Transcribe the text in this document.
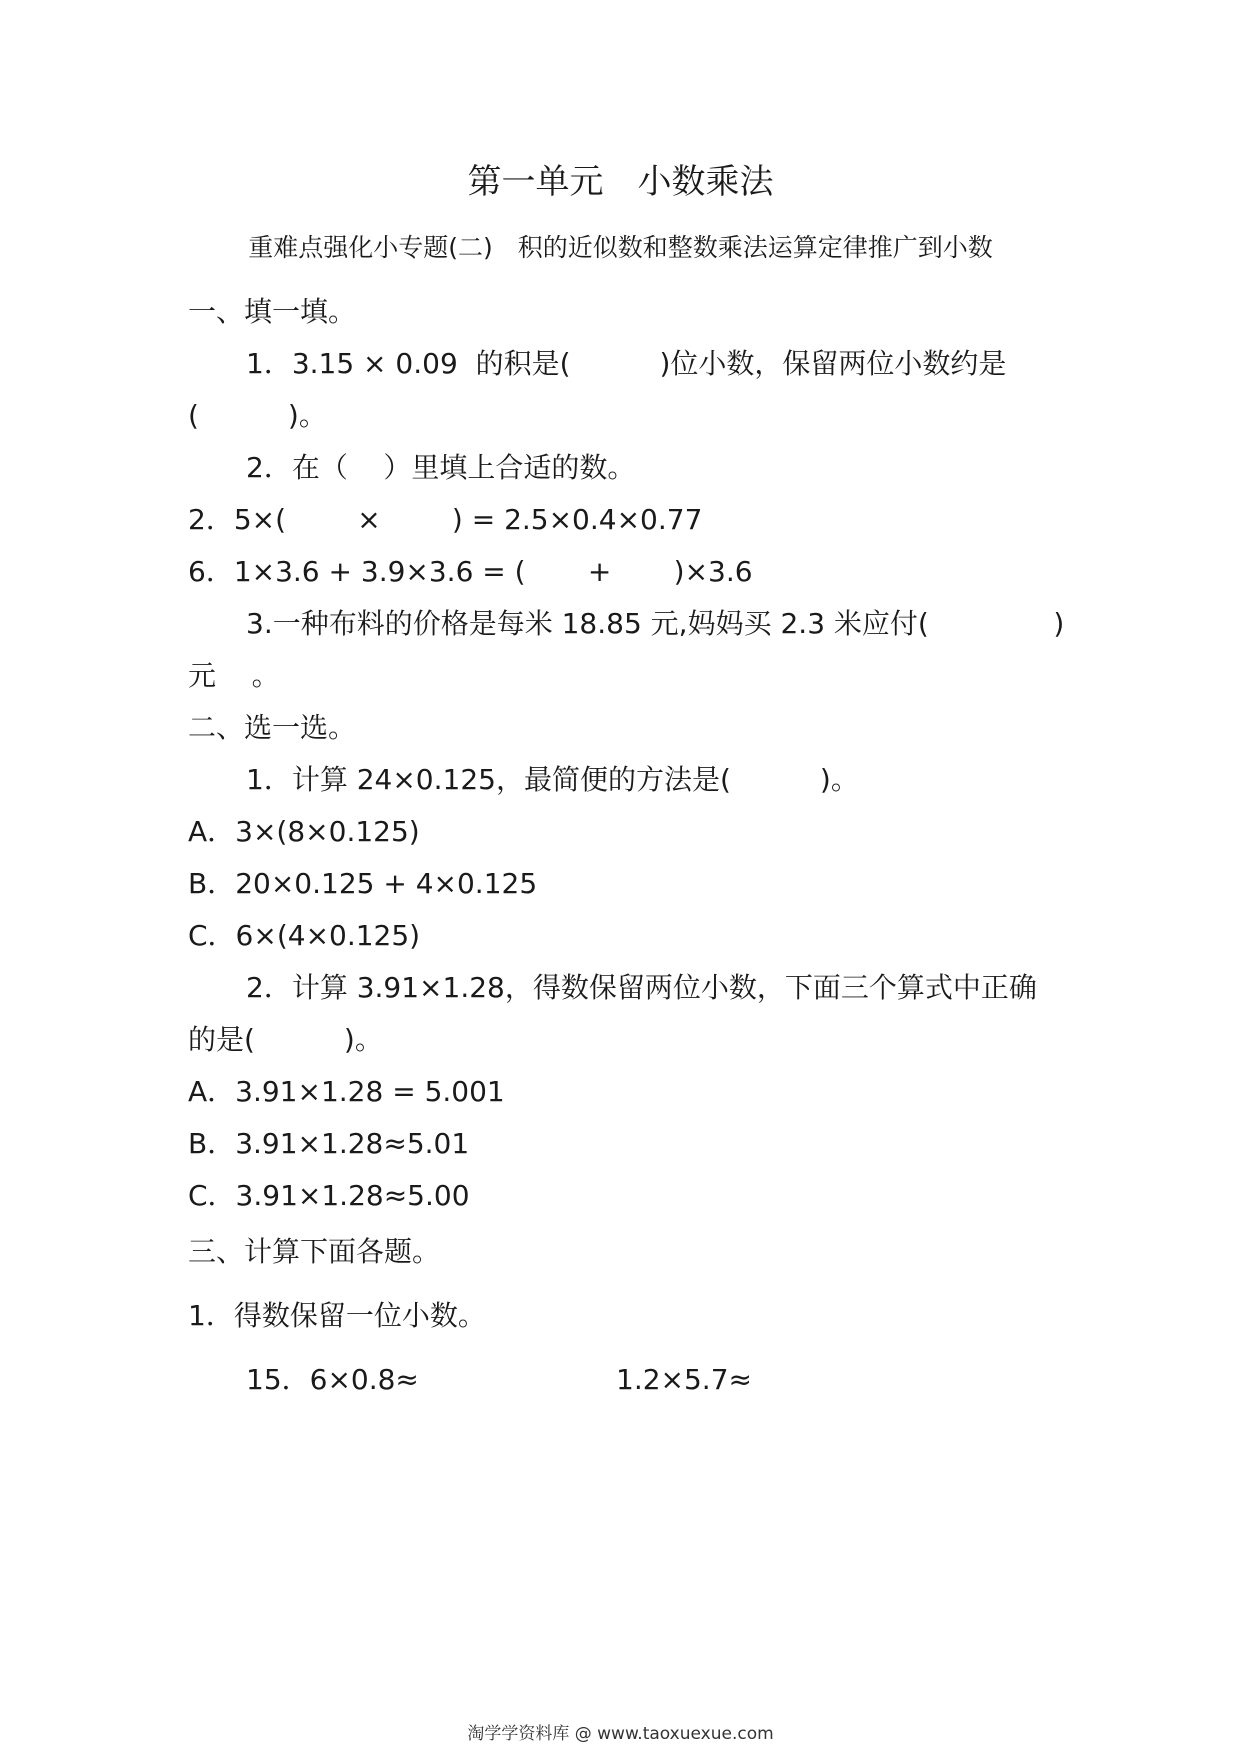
第一单元　小数乘法
重难点强化小专题(二)　积的近似数和整数乘法运算定律推广到小数
一、填一填。
1．3.15 × 0.09  的积是(          )位小数，保留两位小数约是
(          )。
2．在（    ）里填上合适的数。
2．5×(        ×        ) = 2.5×0.4×0.77
6．1×3.6 + 3.9×3.6 = (       +       )×3.6
3.一种布料的价格是每米 18.85 元,妈妈买 2.3 米应付(              )
元    。
二、选一选。
1．计算 24×0.125，最简便的方法是(          )。
A．3×(8×0.125)
B．20×0.125 + 4×0.125
C．6×(4×0.125)
2．计算 3.91×1.28，得数保留两位小数，下面三个算式中正确
的是(          )。
A．3.91×1.28 = 5.001
B．3.91×1.28≈5.01
C．3.91×1.28≈5.00
三、计算下面各题。
1．得数保留一位小数。
15．6×0.8≈	1.2×5.7≈
淘学学资料库 @ www.taoxuexue.com
